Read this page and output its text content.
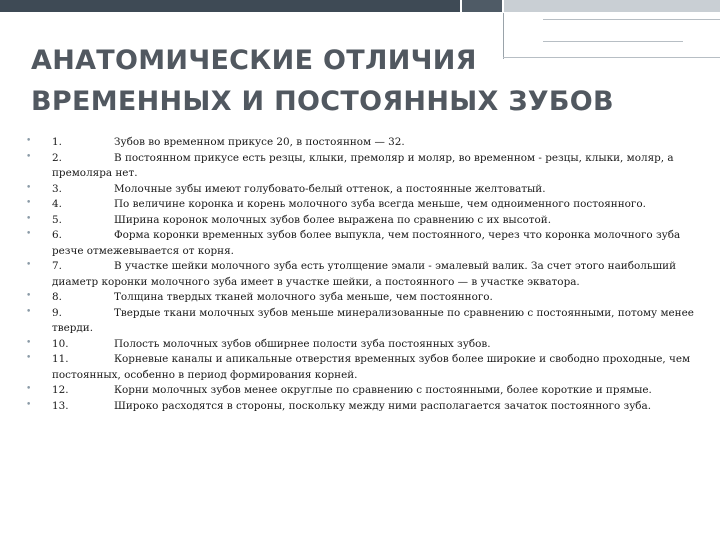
АНАТОМИЧЕСКИЕ ОТЛИЧИЯ
ВРЕМЕННЫХ И ПОСТОЯННЫХ ЗУБОВ
• 1.	Зубов во временном прикусе 20, в постоянном — 32.
• 2.	В постоянном прикусе есть резцы, клыки, премоляр и моляр, во временном - резцы, клыки, моляр, а премоляра нет.
• 3.	Молочные зубы имеют голубовато-белый оттенок, а постоянные желтоватый.
• 4.	По величине коронка и корень молочного зуба всегда меньше, чем одноименного постоянного.
• 5.	Ширина коронок молочных зубов более выражена по сравнению с их высотой.
• 6.	Форма коронки временных зубов более выпукла, чем постоянного, через что коронка молочного зуба резче отмежевывается от корня.
• 7.	В участке шейки молочного зуба есть утолщение эмали - эмалевый валик. За счет этого наибольший диаметр коронки молочного зуба имеет в участке шейки, а постоянного — в участке экватора.
• 8.	Толщина твердых тканей молочного зуба меньше, чем постоянного.
• 9.	Твердые ткани молочных зубов меньше минерализованные по сравнению с постоянными, потому менее тверди.
• 10.	Полость молочных зубов обширнее полости зуба постоянных зубов.
• 11.	Корневые каналы и апикальные отверстия временных зубов более широкие и свободно проходные, чем постоянных, особенно в период формирования корней.
• 12.	Корни молочных зубов менее округлые по сравнению с постоянными, более короткие и прямые.
• 13.	Широко расходятся в стороны, поскольку между ними располагается зачаток постоянного зуба.
